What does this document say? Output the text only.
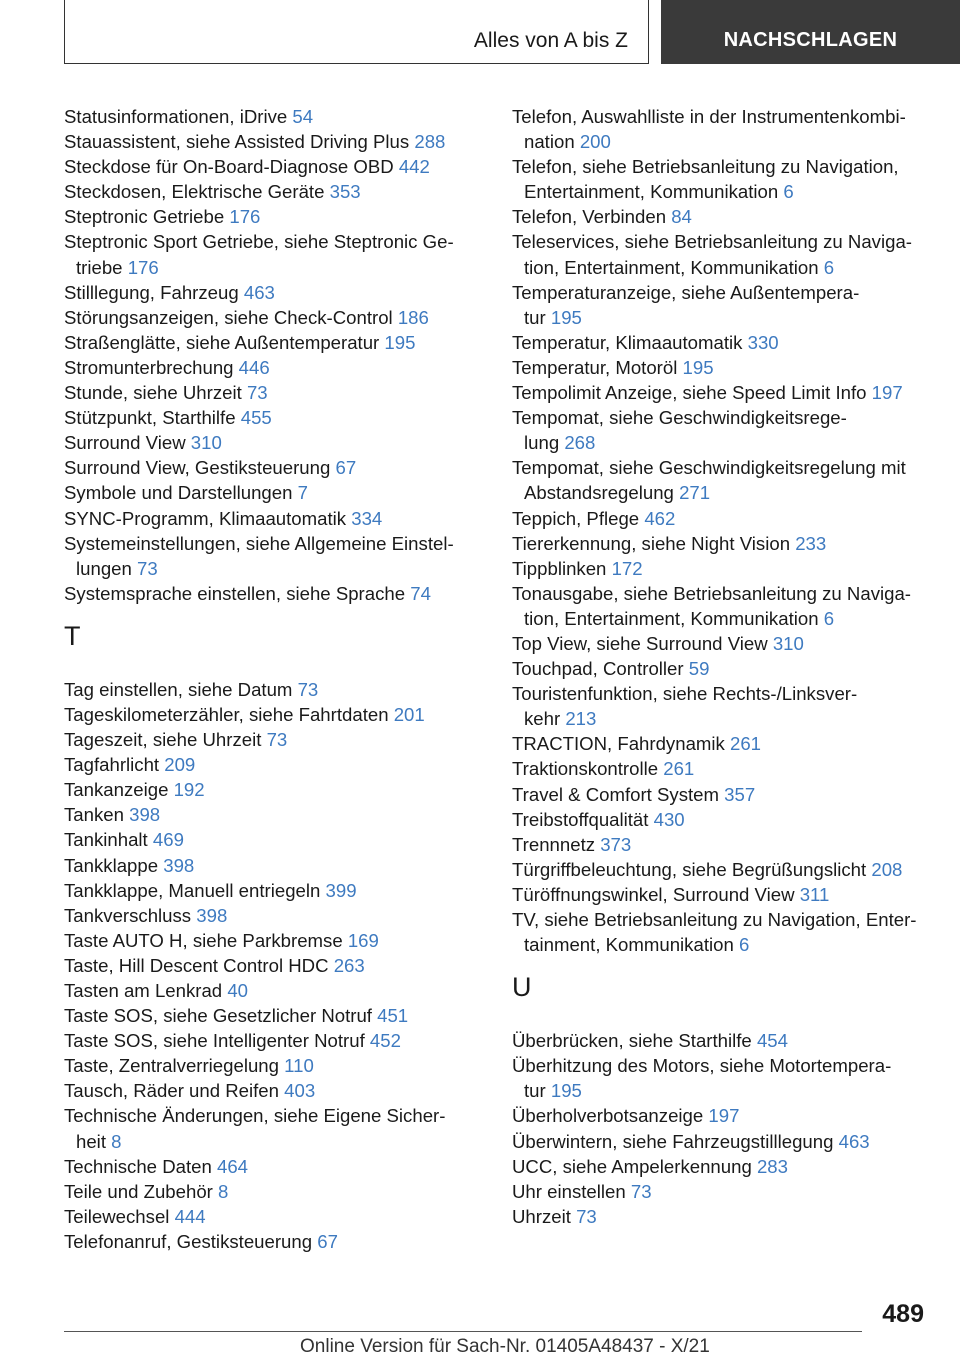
Alles von A bis Z	NACHSCHLAGEN
Statusinformationen, iDrive 54
Stauassistent, siehe Assisted Driving Plus 288
Steckdose für On-Board-Diagnose OBD 442
Steckdosen, Elektrische Geräte 353
Steptronic Getriebe 176
Steptronic Sport Getriebe, siehe Steptronic Ge-
triebe 176
Stilllegung, Fahrzeug 463
Störungsanzeigen, siehe Check-Control 186
Straßenglätte, siehe Außentemperatur 195
Stromunterbrechung 446
Stunde, siehe Uhrzeit 73
Stützpunkt, Starthilfe 455
Surround View 310
Surround View, Gestiksteuerung 67
Symbole und Darstellungen 7
SYNC-Programm, Klimaautomatik 334
Systemeinstellungen, siehe Allgemeine Einstel-
lungen 73
Systemsprache einstellen, siehe Sprache 74
T
Tag einstellen, siehe Datum 73
Tageskilometerzähler, siehe Fahrtdaten 201
Tageszeit, siehe Uhrzeit 73
Tagfahrlicht 209
Tankanzeige 192
Tanken 398
Tankinhalt 469
Tankklappe 398
Tankklappe, Manuell entriegeln 399
Tankverschluss 398
Taste AUTO H, siehe Parkbremse 169
Taste, Hill Descent Control HDC 263
Tasten am Lenkrad 40
Taste SOS, siehe Gesetzlicher Notruf 451
Taste SOS, siehe Intelligenter Notruf 452
Taste, Zentralverriegelung 110
Tausch, Räder und Reifen 403
Technische Änderungen, siehe Eigene Sicher-
heit 8
Technische Daten 464
Teile und Zubehör 8
Teilewechsel 444
Telefonanruf, Gestiksteuerung 67
Telefon, Auswahlliste in der Instrumentenkombi-
nation 200
Telefon, siehe Betriebsanleitung zu Navigation,
Entertainment, Kommunikation 6
Telefon, Verbinden 84
Teleservices, siehe Betriebsanleitung zu Naviga-
tion, Entertainment, Kommunikation 6
Temperaturanzeige, siehe Außentempera-
tur 195
Temperatur, Klimaautomatik 330
Temperatur, Motoröl 195
Tempolimit Anzeige, siehe Speed Limit Info 197
Tempomat, siehe Geschwindigkeitsrege-
lung 268
Tempomat, siehe Geschwindigkeitsregelung mit
Abstandsregelung 271
Teppich, Pflege 462
Tiererkennung, siehe Night Vision 233
Tippblinken 172
Tonausgabe, siehe Betriebsanleitung zu Naviga-
tion, Entertainment, Kommunikation 6
Top View, siehe Surround View 310
Touchpad, Controller 59
Touristenfunktion, siehe Rechts-/Linksver-
kehr 213
TRACTION, Fahrdynamik 261
Traktionskontrolle 261
Travel & Comfort System 357
Treibstoffqualität 430
Trennnetz 373
Türgriffbeleuchtung, siehe Begrüßungslicht 208
Türöffnungswinkel, Surround View 311
TV, siehe Betriebsanleitung zu Navigation, Enter-
tainment, Kommunikation 6
U
Überbrücken, siehe Starthilfe 454
Überhitzung des Motors, siehe Motortempera-
tur 195
Überholverbotsanzeige 197
Überwintern, siehe Fahrzeugstilllegung 463
UCC, siehe Ampelerkennung 283
Uhr einstellen 73
Uhrzeit 73
489
Online Version für Sach-Nr. 01405A48437 - X/21
